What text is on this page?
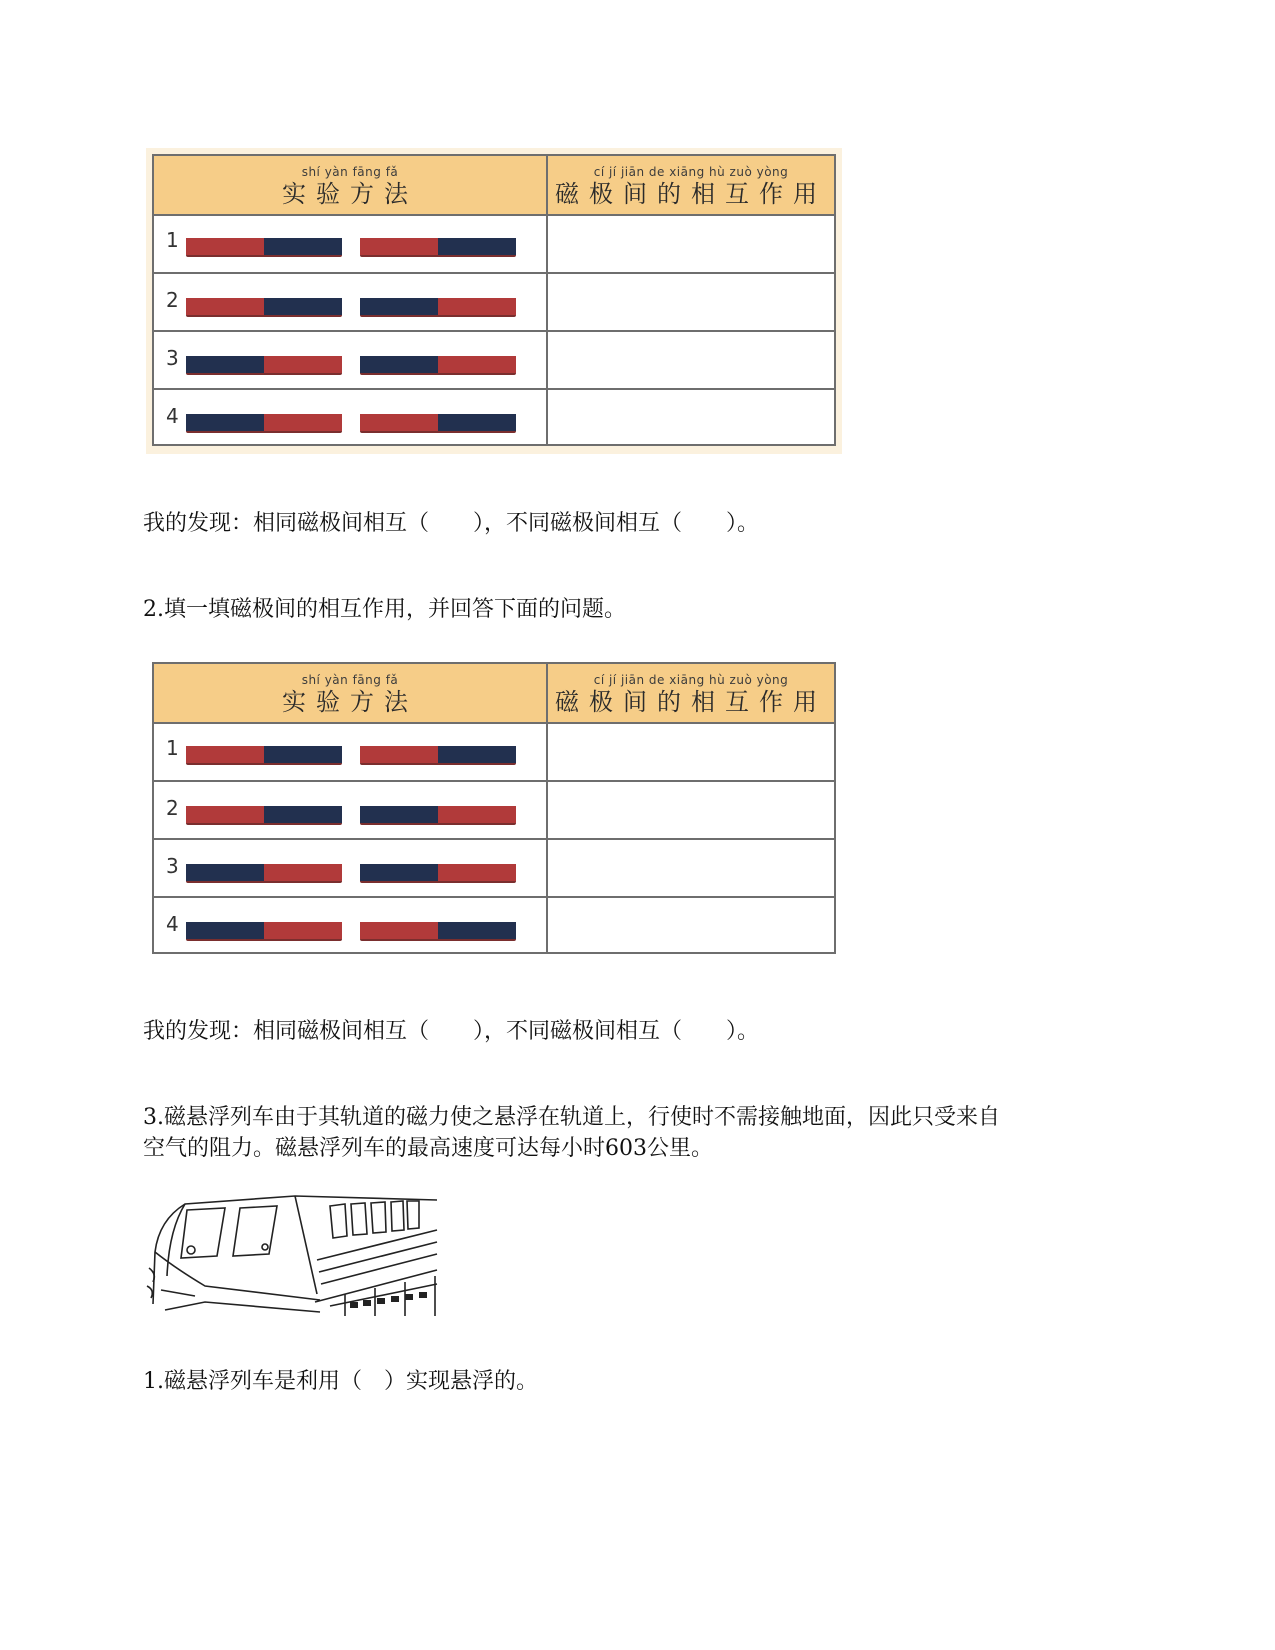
shí yàn fāng fǎ
实验方法
cí jí jiān de xiāng hù zuò yòng
磁极间的相互作用
1
2
3
4
我的发现：相同磁极间相互（　　），不同磁极间相互（　　）。
2.填一填磁极间的相互作用，并回答下面的问题。
shí yàn fāng fǎ
实验方法
cí jí jiān de xiāng hù zuò yòng
磁极间的相互作用
1
2
3
4
我的发现：相同磁极间相互（　　），不同磁极间相互（　　）。
3.磁悬浮列车由于其轨道的磁力使之悬浮在轨道上，行使时不需接触地面，因此只受来自
空气的阻力。磁悬浮列车的最高速度可达每小时603公里。
1.磁悬浮列车是利用（　）实现悬浮的。
